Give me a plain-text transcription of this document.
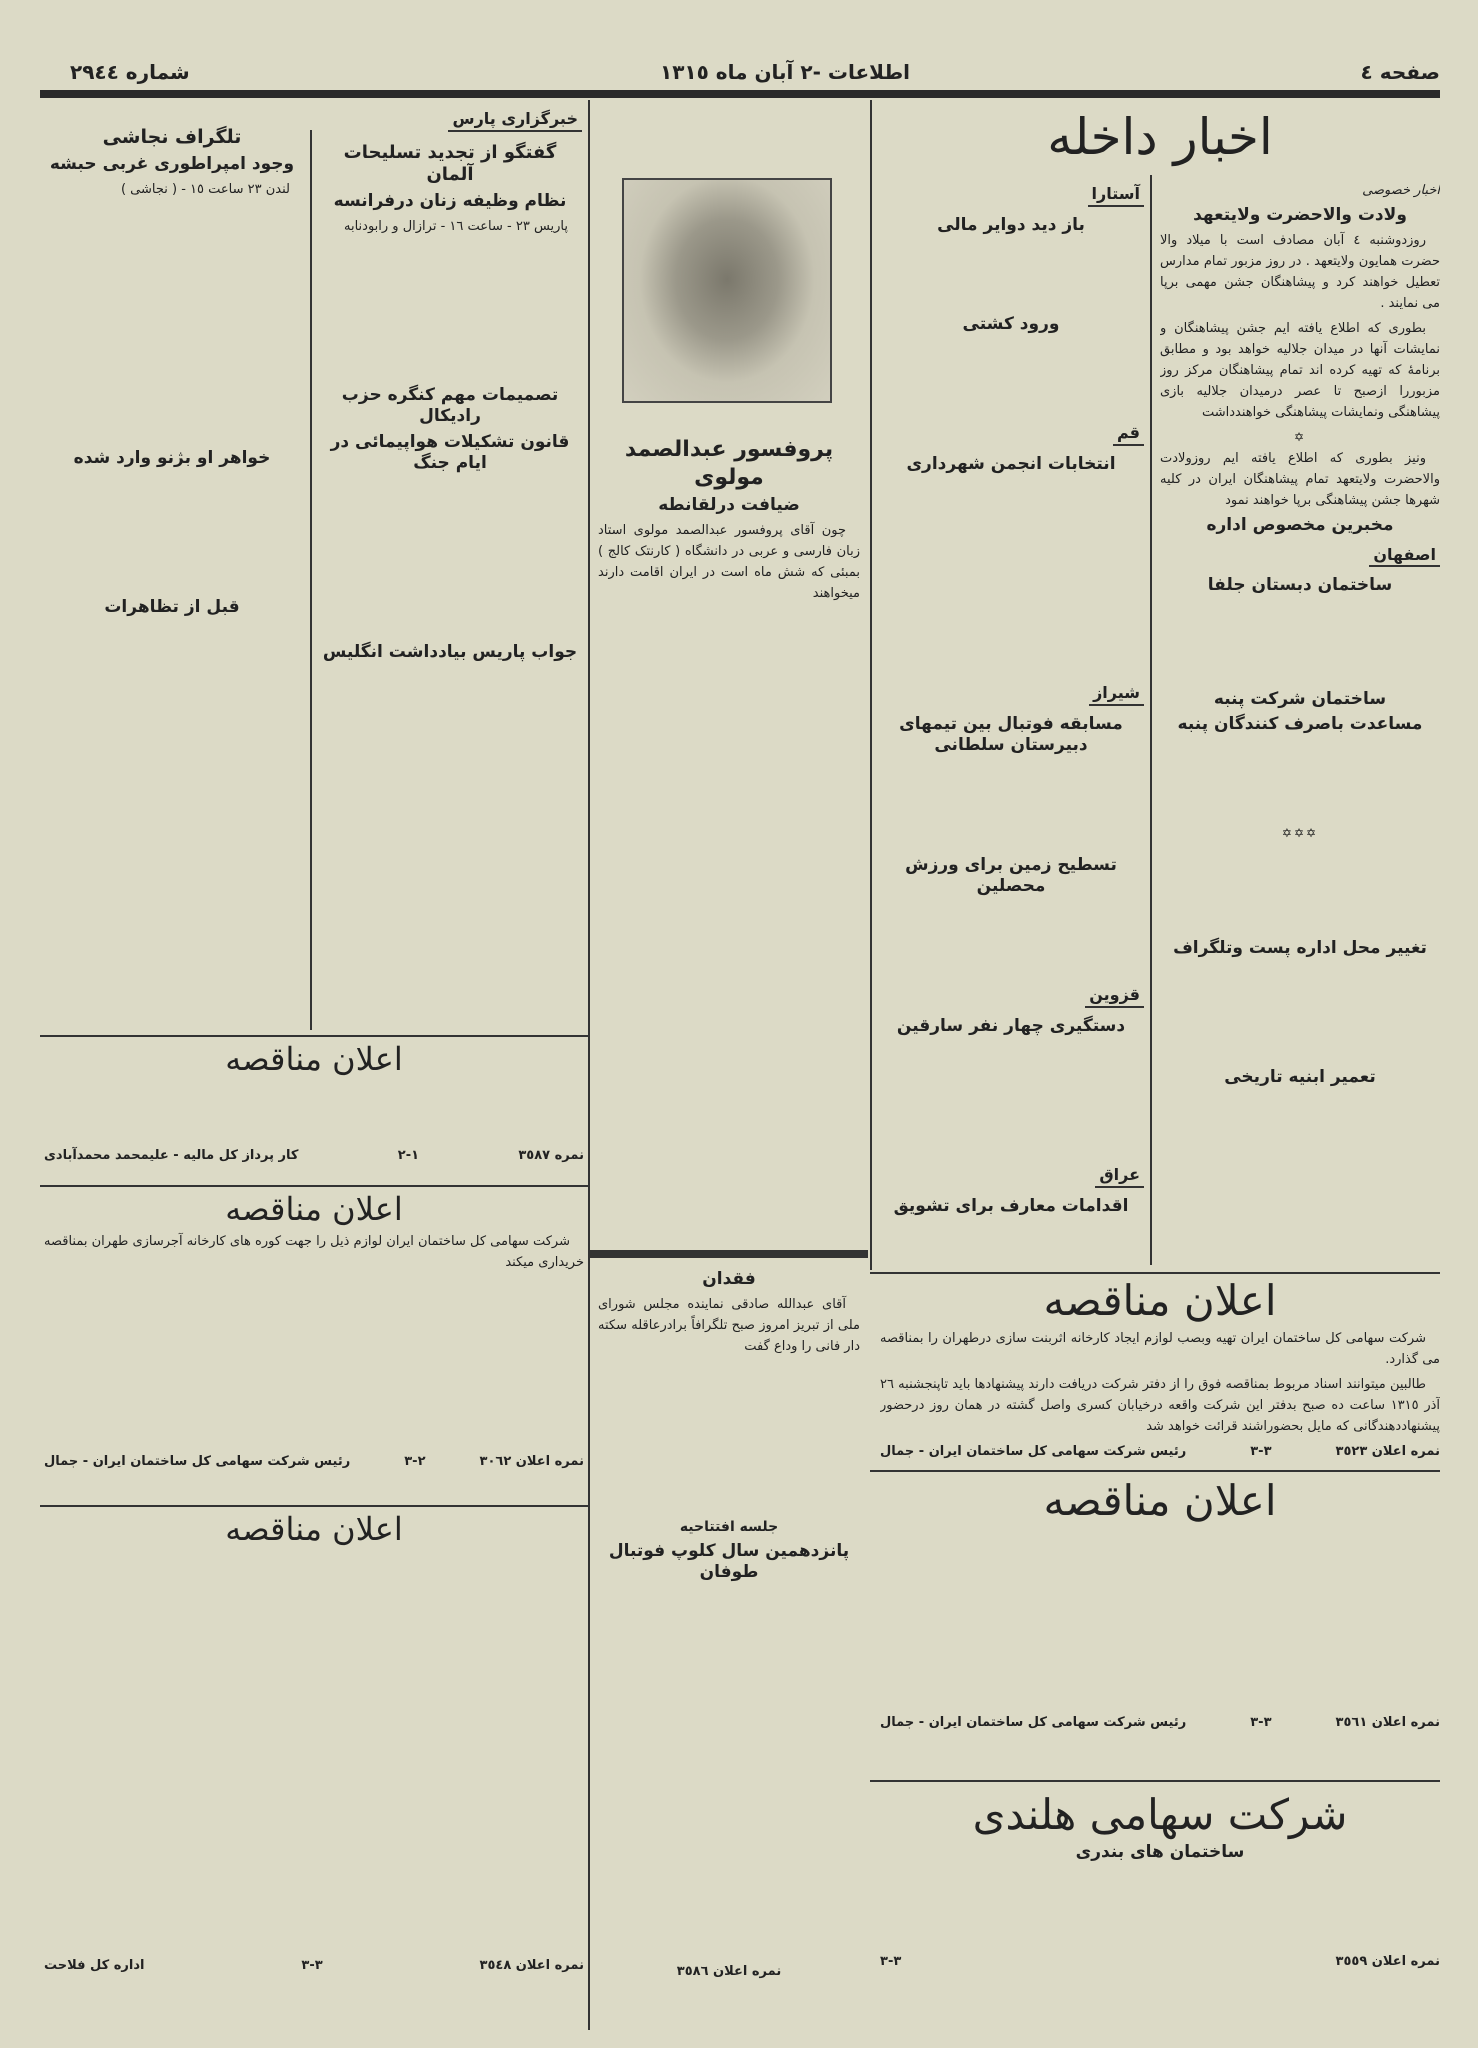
صفحه ٤
اطلاعات -٢ آبان ماه ١٣١٥
شماره ٢٩٤٤
اخبار داخله
اخبار خصوصی
ولادت والاحضرت ولایتعهد

روزدوشنبه ٤ آبان مصادف است با میلاد والا حضرت همایون ولایتعهد . در روز مزبور تمام مدارس تعطیل خواهند کرد و پیشاهنگان جشن مهمی برپا می نمایند .

بطوری که اطلاع یافته ایم جشن پیشاهنگان و نمایشات آنها در میدان جلالیه خواهد بود و مطابق برنامهٔ که تهیه کرده اند تمام پیشاهنگان مرکز روز مزبوررا ازصبح تا عصر درمیدان جلالیه بازی پیشاهنگی ونمایشات پیشاهنگی خواهندداشت

✡

ونیز بطوری که اطلاع یافته ایم روزولادت والاحضرت ولایتعهد تمام پیشاهنگان ایران در کلیه شهرها جشن پیشاهنگی برپا خواهند نمود

مخبرین مخصوص اداره
اصفهان
ساختمان دبستان جلفا
ساختمان شرکت پنبه
مساعدت باصرف کنندگان پنبه
✡✡✡
تغییر محل اداره پست وتلگراف
تعمیر ابنیه تاریخی
آستارا
باز دید دوایر مالی
ورود کشتی
قم
انتخابات انجمن شهرداری
شیراز
مسابقه فوتبال بین تیمهای دبیرستان سلطانی
تسطیح زمین برای ورزش محصلین
قزوین
دستگیری چهار نفر سارقین
عراق
اقدامات معارف برای تشویق
پروفسور عبدالصمد مولوی
ضیافت درلقانطه

چون آقای پروفسور عبدالصمد مولوی استاد زبان فارسی و عربی در دانشگاه ( کارنتک کالج ) بمبئی که شش ماه است در ایران اقامت دارند میخواهند

خبرگزاری پارس
گفتگو از تجدید تسلیحات آلمان
نظام وظیفه زنان درفرانسه

پاریس ٢٣ - ساعت ١٦ - ترازال و رابودنابه

تصمیمات مهم کنگره حزب رادیکال
قانون تشکیلات هواپیمائی در ایام جنگ
جواب پاریس بیادداشت انگلیس
تلگراف نجاشی
وجود امپراطوری غربی حبشه

لندن ٢٣ ساعت ١٥ - ( نجاشی )

خواهر او بژنو وارد شده
قبل از تظاهرات
اعلان مناقصه
نمره ٣٥٨٧
١-٢
کار پرداز کل مالیه - علیمحمد محمدآبادی
اعلان مناقصه

شرکت سهامی کل ساختمان ایران لوازم ذیل را جهت کوره های کارخانه آجرسازی طهران بمناقصه خریداری میکند

نمره اعلان ٣٠٦٢
٢-٣
رئیس شرکت سهامی کل ساختمان ایران - جمال
اعلان مناقصه
نمره اعلان ٣٥٤٨
٣-٣
اداره کل فلاحت
فقدان

آقای عبدالله صادقی نماینده مجلس شورای ملی از تبریز امروز صبح تلگرافاً برادرعاقله سکته دار فانی را وداع گفت

جلسه افتتاحیه
پانزدهمین سال کلوپ فوتبال طوفان
نمره اعلان ٣٥٨٦
اعلان مناقصه

شرکت سهامی کل ساختمان ایران تهیه وبصب لوازم ایجاد کارخانه اثربنت سازی درطهران را بمناقصه می گذارد.

طالبین میتوانند اسناد مربوط بمناقصه فوق را از دفتر شرکت دریافت دارند پیشنهادها باید تاپنجشنبه ٢٦ آذر ١٣١٥ ساعت ده صبح بدفتر این شرکت واقعه درخیابان کسری واصل گشته در همان روز درحضور پیشنهاددهندگانی که مایل بحضوراشند قرائت خواهد شد

نمره اعلان ٣٥٢٣
٣-٣
رئیس شرکت سهامی کل ساختمان ایران - جمال
اعلان مناقصه
نمره اعلان ٣٥٦١
٣-٣
رئیس شرکت سهامی کل ساختمان ایران - جمال
شرکت سهامی هلندی
ساختمان های بندری
نمره اعلان ٣٥٥٩
٣-٣
